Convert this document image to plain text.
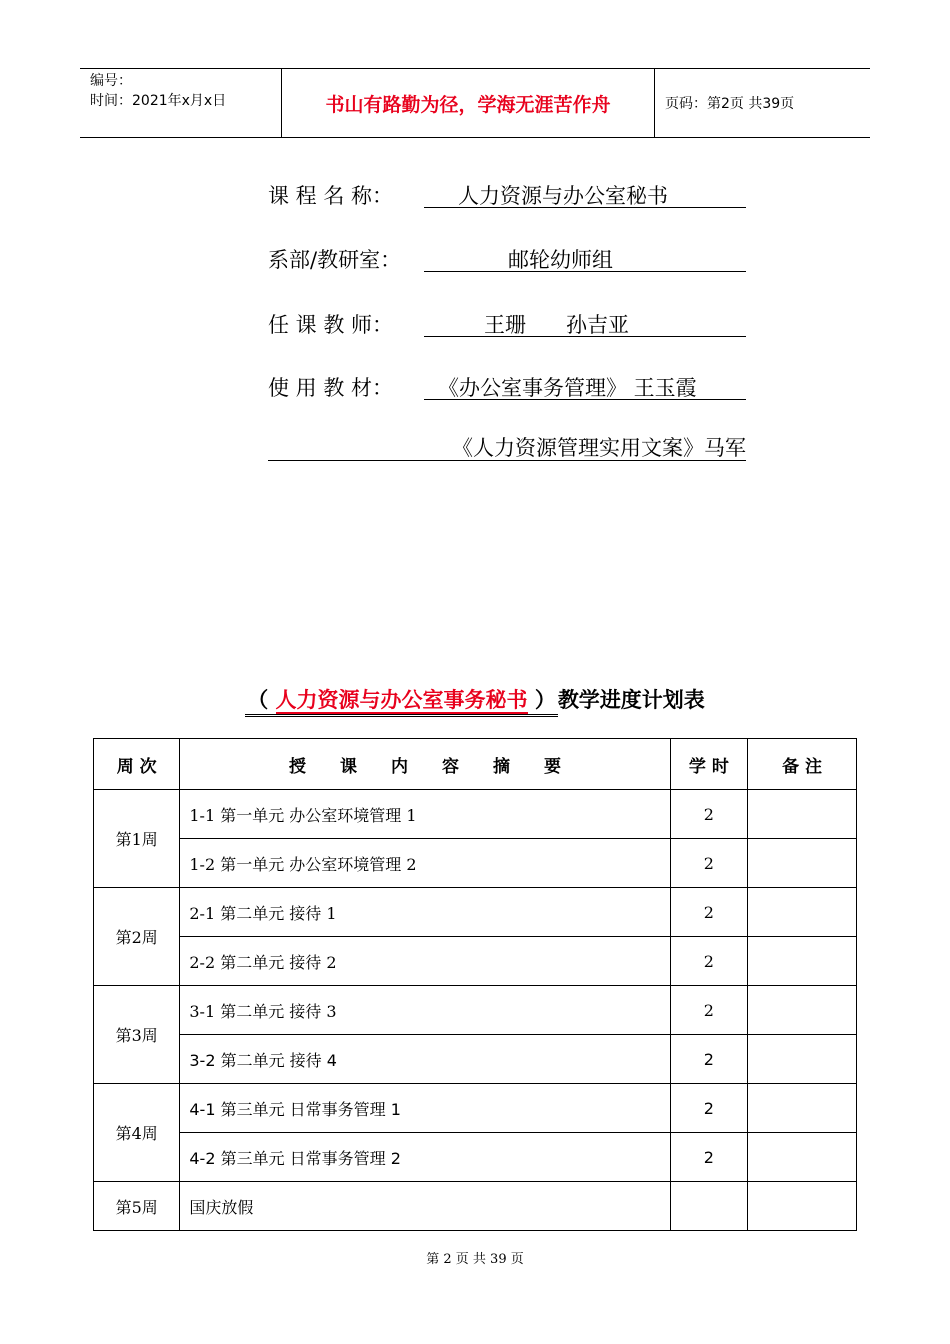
编号：
时间：2021年x月x日	书山有路勤为径，学海无涯苦作舟	页码：第2页 共39页
课 程 名 称：	人力资源与办公室秘书
系部/教研室：	邮轮幼师组
任 课 教 师：	王珊      孙吉亚
使 用 教 材：	《办公室事务管理》 王玉霞
《人力资源管理实用文案》马军
（ 人力资源与办公室事务秘书 ）教学进度计划表
周 次	授　　课　　内　　容　　摘　　要	学 时	备 注
第1周	1-1 第一单元 办公室环境管理 1	2	
	1-2 第一单元 办公室环境管理 2	2	
第2周	2-1 第二单元 接待 1	2	
	2-2 第二单元 接待 2	2	
第3周	3-1 第二单元 接待 3	2	
	3-2 第二单元 接待 4	2	
第4周	4-1 第三单元 日常事务管理 1	2	
	4-2 第三单元 日常事务管理 2	2	
第5周	国庆放假		
第 2 页 共 39 页
